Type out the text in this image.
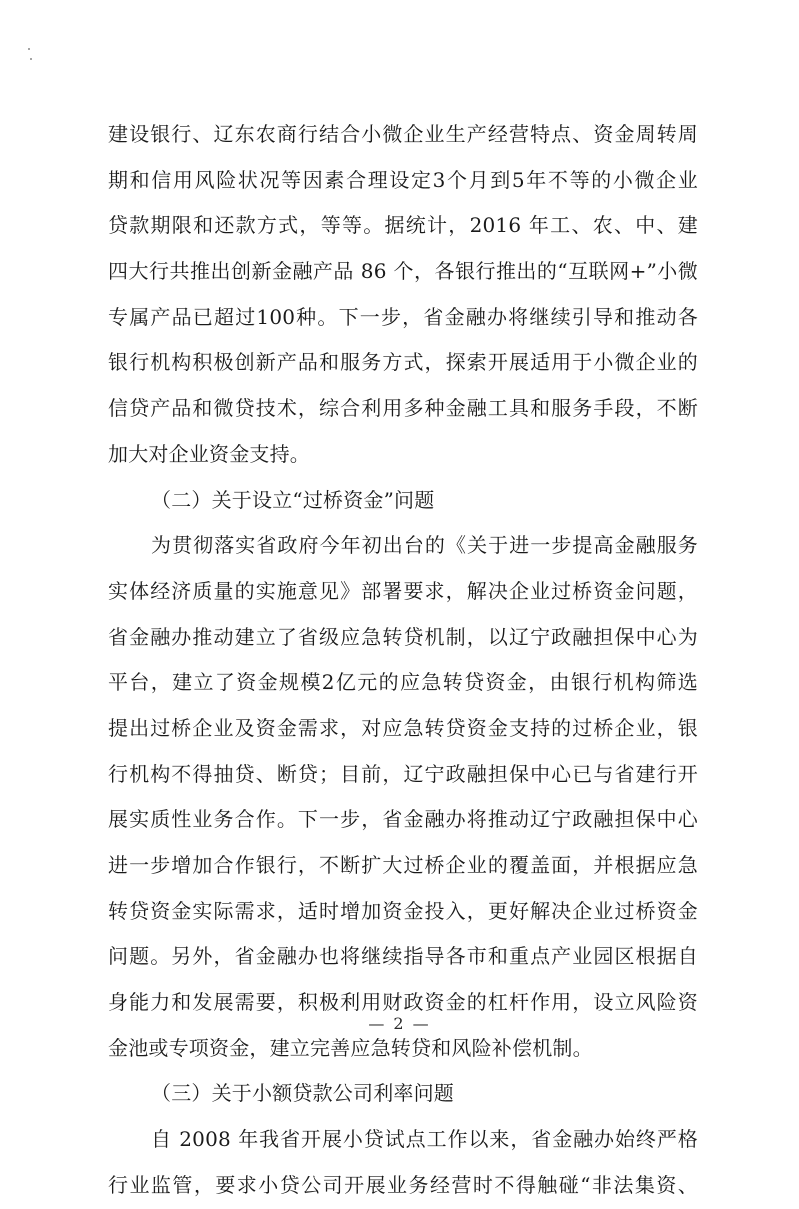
建设银行、辽东农商行结合小微企业生产经营特点、资金周转周
期和信用风险状况等因素合理设定3个月到5年不等的小微企业
贷款期限和还款方式，等等。据统计，2016 年工、农、中、建
四大行共推出创新金融产品 86 个，各银行推出的“互联网+”小微
专属产品已超过100种。下一步，省金融办将继续引导和推动各
银行机构积极创新产品和服务方式，探索开展适用于小微企业的
信贷产品和微贷技术，综合利用多种金融工具和服务手段，不断
加大对企业资金支持。
（二）关于设立“过桥资金”问题
为贯彻落实省政府今年初出台的《关于进一步提高金融服务
实体经济质量的实施意见》部署要求，解决企业过桥资金问题，
省金融办推动建立了省级应急转贷机制，以辽宁政融担保中心为
平台，建立了资金规模2亿元的应急转贷资金，由银行机构筛选
提出过桥企业及资金需求，对应急转贷资金支持的过桥企业，银
行机构不得抽贷、断贷；目前，辽宁政融担保中心已与省建行开
展实质性业务合作。下一步，省金融办将推动辽宁政融担保中心
进一步增加合作银行，不断扩大过桥企业的覆盖面，并根据应急
转贷资金实际需求，适时增加资金投入，更好解决企业过桥资金
问题。另外，省金融办也将继续指导各市和重点产业园区根据自
身能力和发展需要，积极利用财政资金的杠杆作用，设立风险资
金池或专项资金，建立完善应急转贷和风险补偿机制。
（三）关于小额贷款公司利率问题
自 2008 年我省开展小贷试点工作以来，省金融办始终严格
行业监管，要求小贷公司开展业务经营时不得触碰“非法集资、
— 2 —
